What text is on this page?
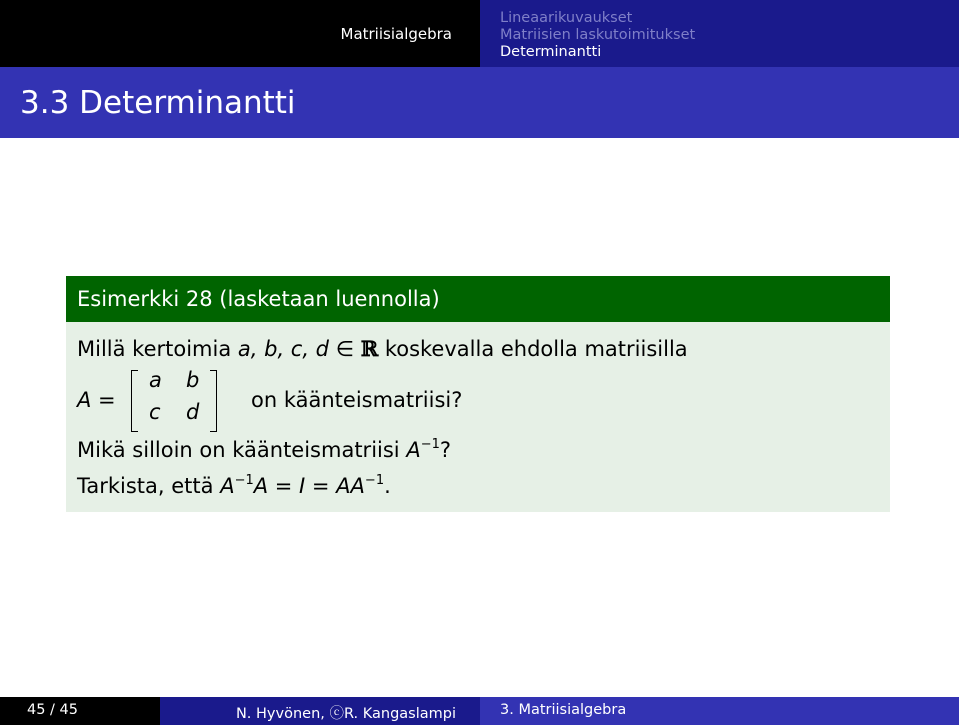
Matriisialgebra
Lineaarikuvaukset
Matriisien laskutoimitukset
Determinantti
3.3 Determinantti
Esimerkki 28 (lasketaan luennolla)
Millä kertoimia a, b, c, d ∈ ℝ koskevalla ehdolla matriisilla
A =
a b
c d on käänteismatriisi?
Mikä silloin on käänteismatriisi $A^{-1}$?
Tarkista, että $A^{-1}A = I = AA^{-1}$.
45 / 45	N. Hyvönen, ⓒR. Kangaslampi	3. Matriisialgebra
